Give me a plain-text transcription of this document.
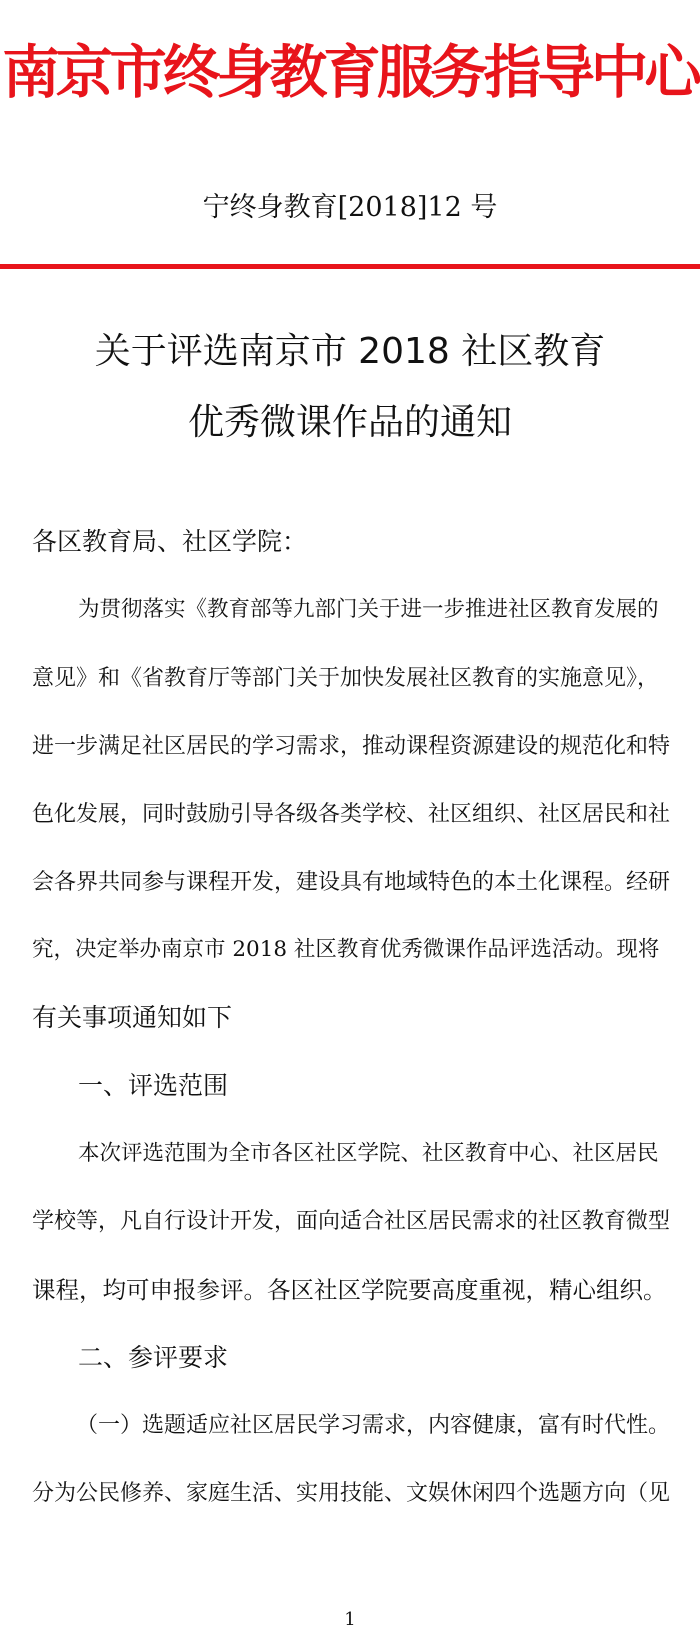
南京市终身教育服务指导中心
宁终身教育[2018]12 号
关于评选南京市 2018 社区教育
优秀微课作品的通知
各区教育局、社区学院：
为贯彻落实《教育部等九部门关于进一步推进社区教育发展的
意见》和《省教育厅等部门关于加快发展社区教育的实施意见》，
进一步满足社区居民的学习需求，推动课程资源建设的规范化和特
色化发展，同时鼓励引导各级各类学校、社区组织、社区居民和社
会各界共同参与课程开发，建设具有地域特色的本土化课程。经研
究，决定举办南京市 2018 社区教育优秀微课作品评选活动。现将
有关事项通知如下
一、评选范围
本次评选范围为全市各区社区学院、社区教育中心、社区居民
学校等，凡自行设计开发，面向适合社区居民需求的社区教育微型
课程，均可申报参评。各区社区学院要高度重视，精心组织。
二、参评要求
（一）选题适应社区居民学习需求，内容健康，富有时代性。
分为公民修养、家庭生活、实用技能、文娱休闲四个选题方向（见
1
